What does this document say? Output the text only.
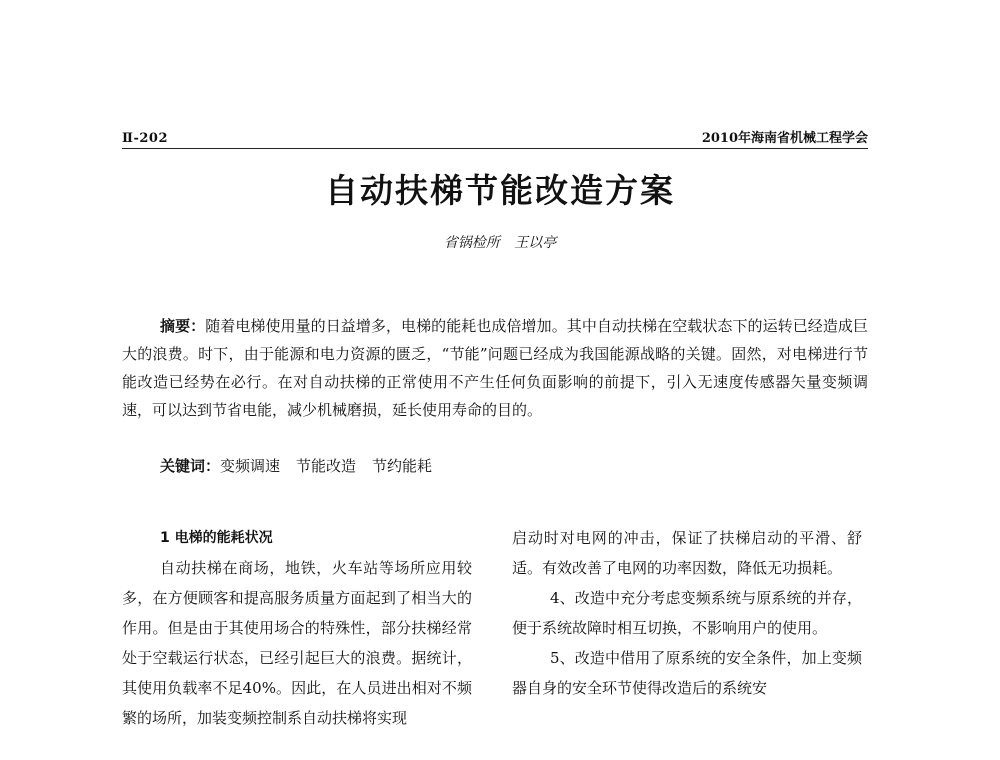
Ⅱ-202	2010年海南省机械工程学会
自动扶梯节能改造方案
省锅检所 王以亭

摘要：随着电梯使用量的日益增多，电梯的能耗也成倍增加。其中自动扶梯在空载状态下的运转已经造成巨大的浪费。时下，由于能源和电力资源的匮乏，“节能”问题已经成为我国能源战略的关键。固然，对电梯进行节能改造已经势在必行。在对自动扶梯的正常使用不产生任何负面影响的前提下，引入无速度传感器矢量变频调速，可以达到节省电能，减少机械磨损，延长使用寿命的目的。

关键词：变频调速 节能改造 节约能耗

1 电梯的能耗状况

自动扶梯在商场，地铁，火车站等场所应用较多，在方便顾客和提高服务质量方面起到了相当大的作用。但是由于其使用场合的特殊性，部分扶梯经常处于空载运行状态，已经引起巨大的浪费。据统计，其使用负载率不足40%。因此，在人员进出相对不频繁的场所，加装变频控制系自动扶梯将实现

启动时对电网的冲击，保证了扶梯启动的平滑、舒适。有效改善了电网的功率因数，降低无功损耗。

4、改造中充分考虑变频系统与原系统的并存，便于系统故障时相互切换，不影响用户的使用。

5、改造中借用了原系统的安全条件，加上变频器自身的安全环节使得改造后的系统安
